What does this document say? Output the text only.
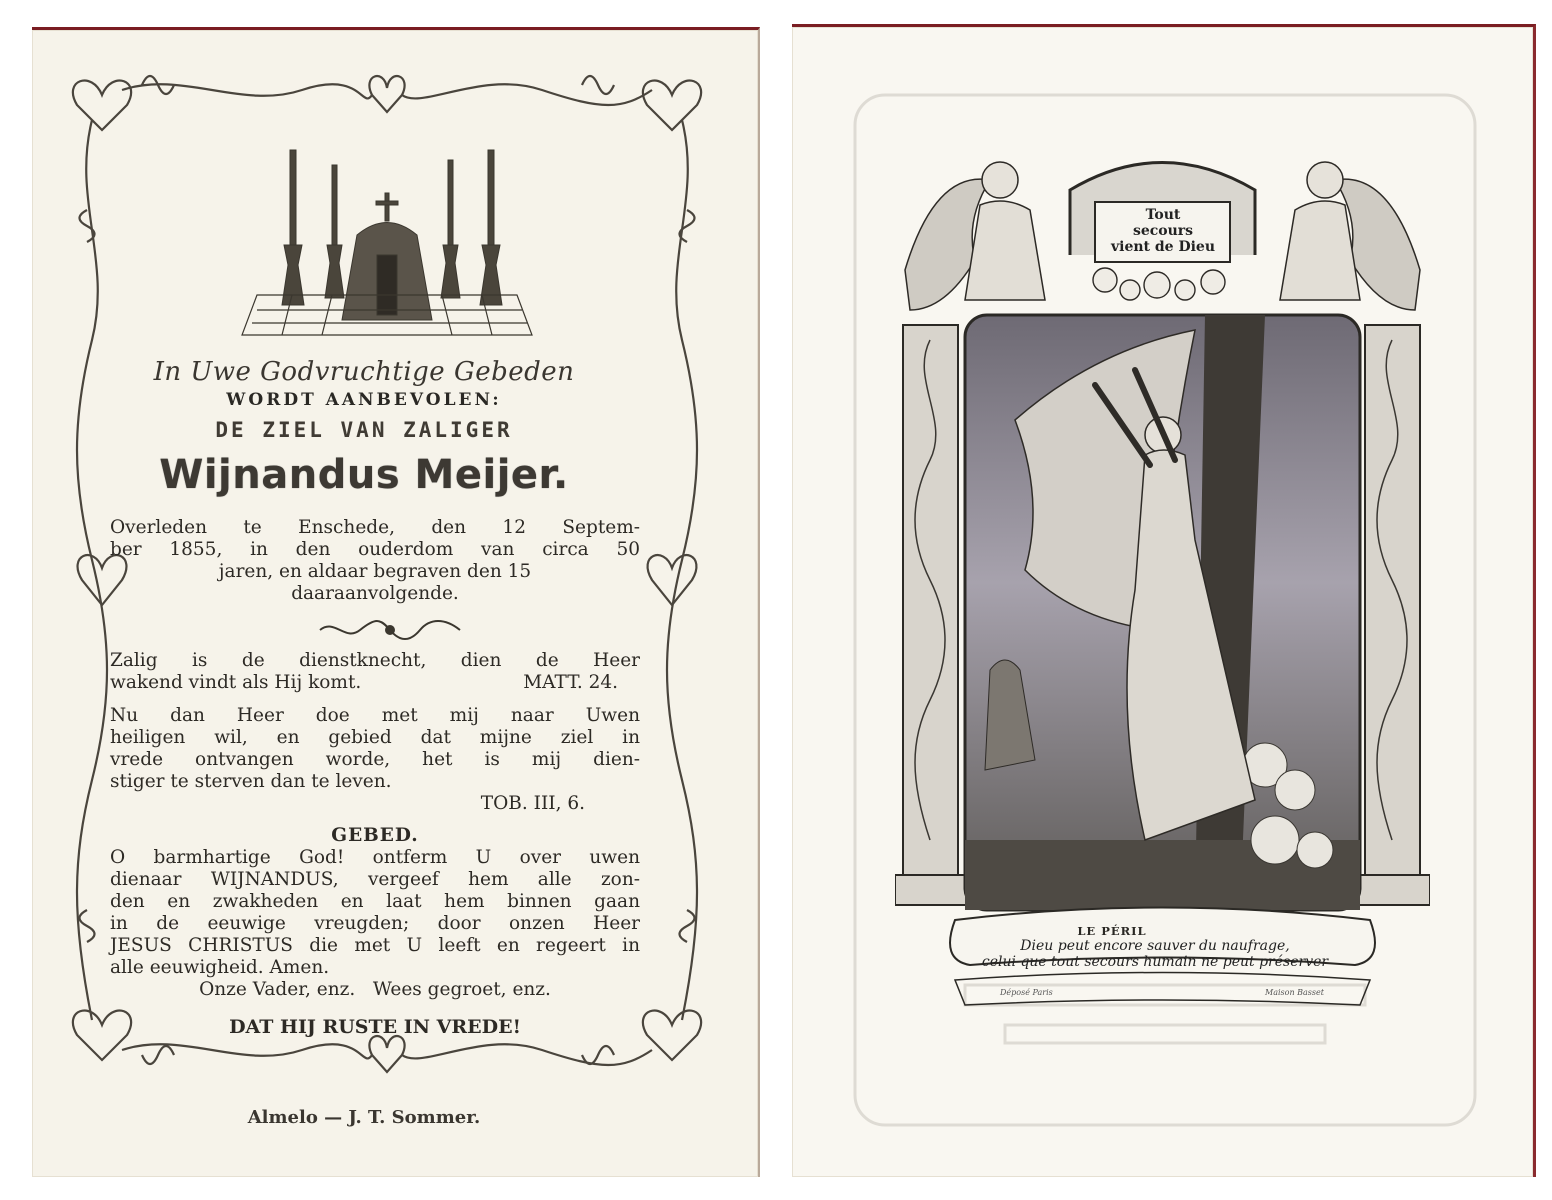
In Uwe Godvruchtige Gebeden
WORDT AANBEVOLEN:
DE ZIEL VAN ZALIGER
Wijnandus Meijer.

Overleden te Enschede, den 12 Septem-

ber 1855, in den ouderdom van circa 50

jaren, en aldaar begraven den 15

daaraanvolgende.

Zalig is de dienstknecht, dien de Heer

wakend vindt als Hij komt.	MATT. 24.

Nu dan Heer doe met mij naar Uwen

heiligen wil, en gebied dat mijne ziel in

vrede ontvangen worde, het is mij dien-

stiger te sterven dan te leven.

TOB. III, 6.

GEBED.

O barmhartige God! ontferm U over uwen

dienaar WIJNANDUS, vergeef hem alle zon-

den en zwakheden en laat hem binnen gaan

in de eeuwige vreugden; door onzen Heer

JESUS CHRISTUS die met U leeft en regeert in

alle eeuwigheid. Amen.

Onze Vader, enz.   Wees gegroet, enz.

DAT HIJ RUSTE IN VREDE!

Almelo — J. T. Sommer.
Tout
secours
vient de Dieu
LE PÉRIL
Dieu peut encore sauver du naufrage,
celui que tout secours humain ne peut préserver
Déposé Paris	Maison Basset
